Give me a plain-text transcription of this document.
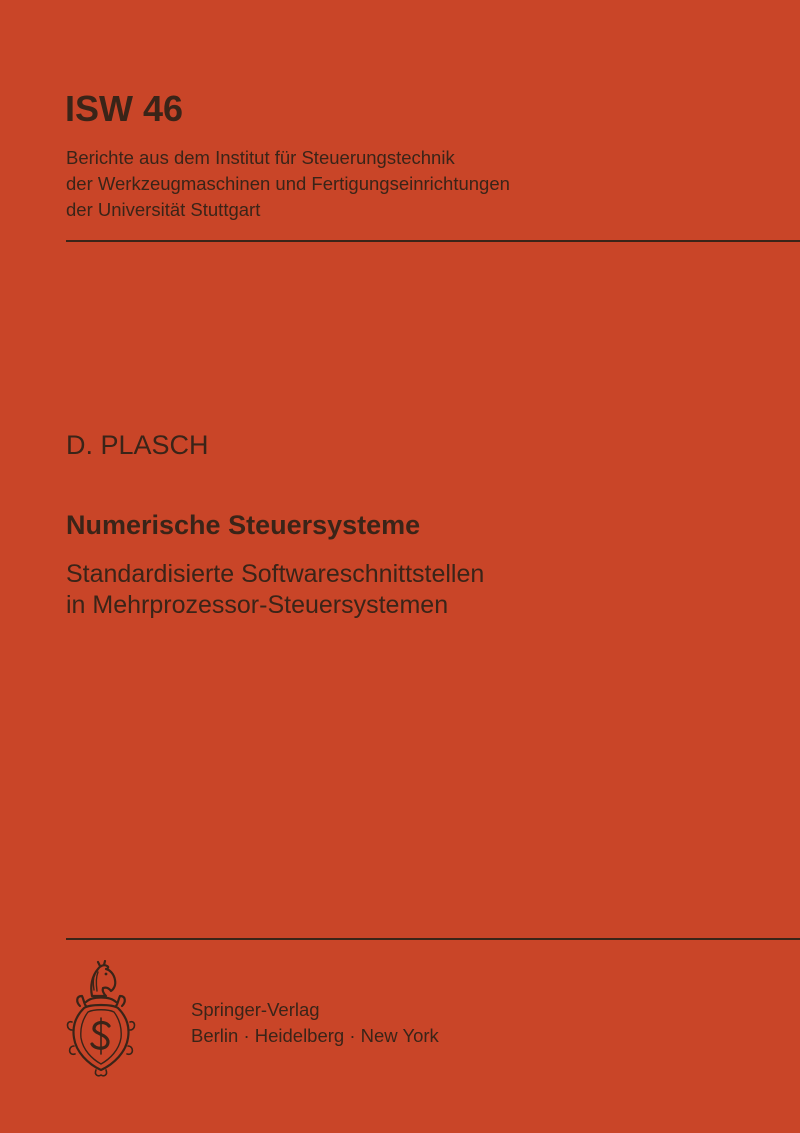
ISW 46
Berichte aus dem Institut für Steuerungstechnik
der Werkzeugmaschinen und Fertigungseinrichtungen
der Universität Stuttgart
D. PLASCH
Numerische Steuersysteme
Standardisierte Softwareschnittstellen
in Mehrprozessor-Steuersystemen
Springer-Verlag
Berlin · Heidelberg · New York
